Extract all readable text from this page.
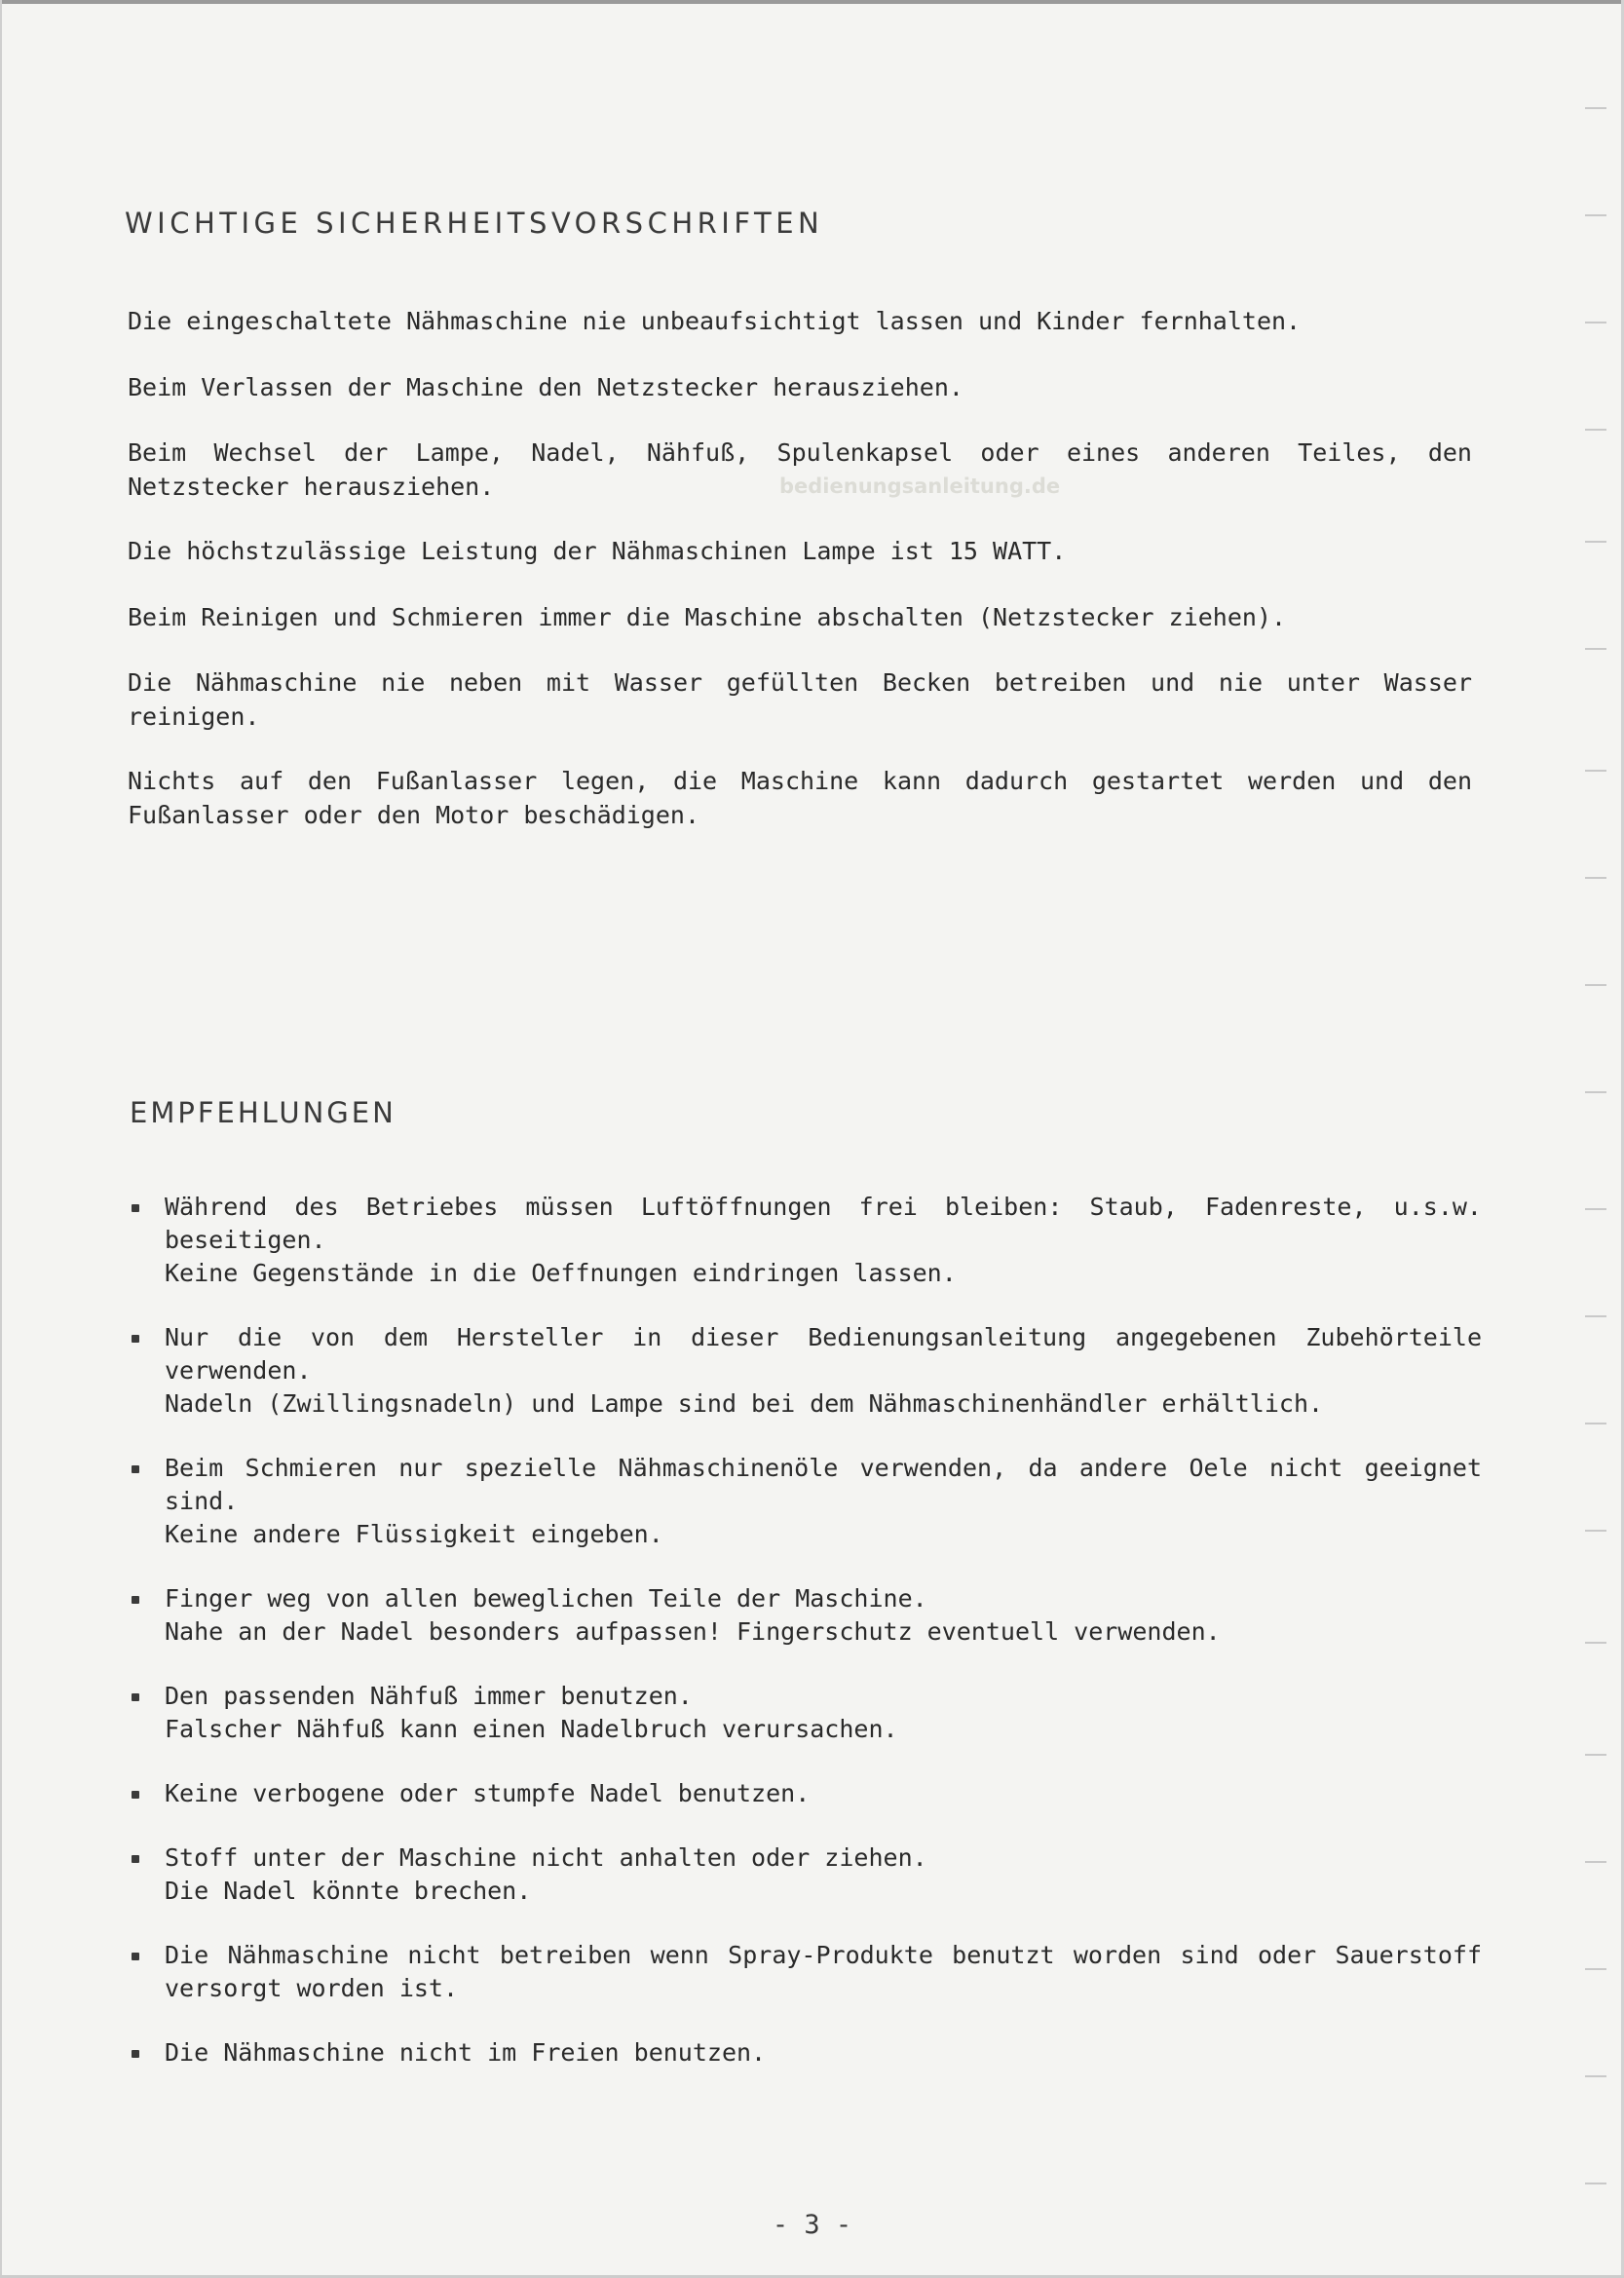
WICHTIGE SICHERHEITSVORSCHRIFTEN

Die eingeschaltete Nähmaschine nie unbeaufsichtigt lassen und Kinder fernhalten.

Beim Verlassen der Maschine den Netzstecker herausziehen.

Beim Wechsel der Lampe, Nadel, Nähfuß, Spulenkapsel oder eines anderen Teiles, den Netzstecker herausziehen.	bedienungsanleitung.de

Die höchstzulässige Leistung der Nähmaschinen Lampe ist 15 WATT.

Beim Reinigen und Schmieren immer die Maschine abschalten (Netzstecker ziehen).

Die Nähmaschine nie neben mit Wasser gefüllten Becken betreiben und nie unter Wasser reinigen.

Nichts auf den Fußanlasser legen, die Maschine kann dadurch gestartet werden und den Fußanlasser oder den Motor beschädigen.

EMPFEHLUNGEN
Während des Betriebes müssen Luftöffnungen frei bleiben: Staub, Fadenreste, u.s.w. beseitigen.
Keine Gegenstände in die Oeffnungen eindringen lassen.
Nur die von dem Hersteller in dieser Bedienungsanleitung angegebenen Zubehörteile verwenden.
Nadeln (Zwillingsnadeln) und Lampe sind bei dem Nähmaschinenhändler erhältlich.
Beim Schmieren nur spezielle Nähmaschinenöle verwenden, da andere Oele nicht geeignet sind.
Keine andere Flüssigkeit eingeben.
Finger weg von allen beweglichen Teile der Maschine.
Nahe an der Nadel besonders aufpassen! Fingerschutz eventuell verwenden.
Den passenden Nähfuß immer benutzen.
Falscher Nähfuß kann einen Nadelbruch verursachen.
Keine verbogene oder stumpfe Nadel benutzen.
Stoff unter der Maschine nicht anhalten oder ziehen.
Die Nadel könnte brechen.
Die Nähmaschine nicht betreiben wenn Spray-Produkte benutzt worden sind oder Sauerstoff versorgt worden ist.
Die Nähmaschine nicht im Freien benutzen.

- 3 -
